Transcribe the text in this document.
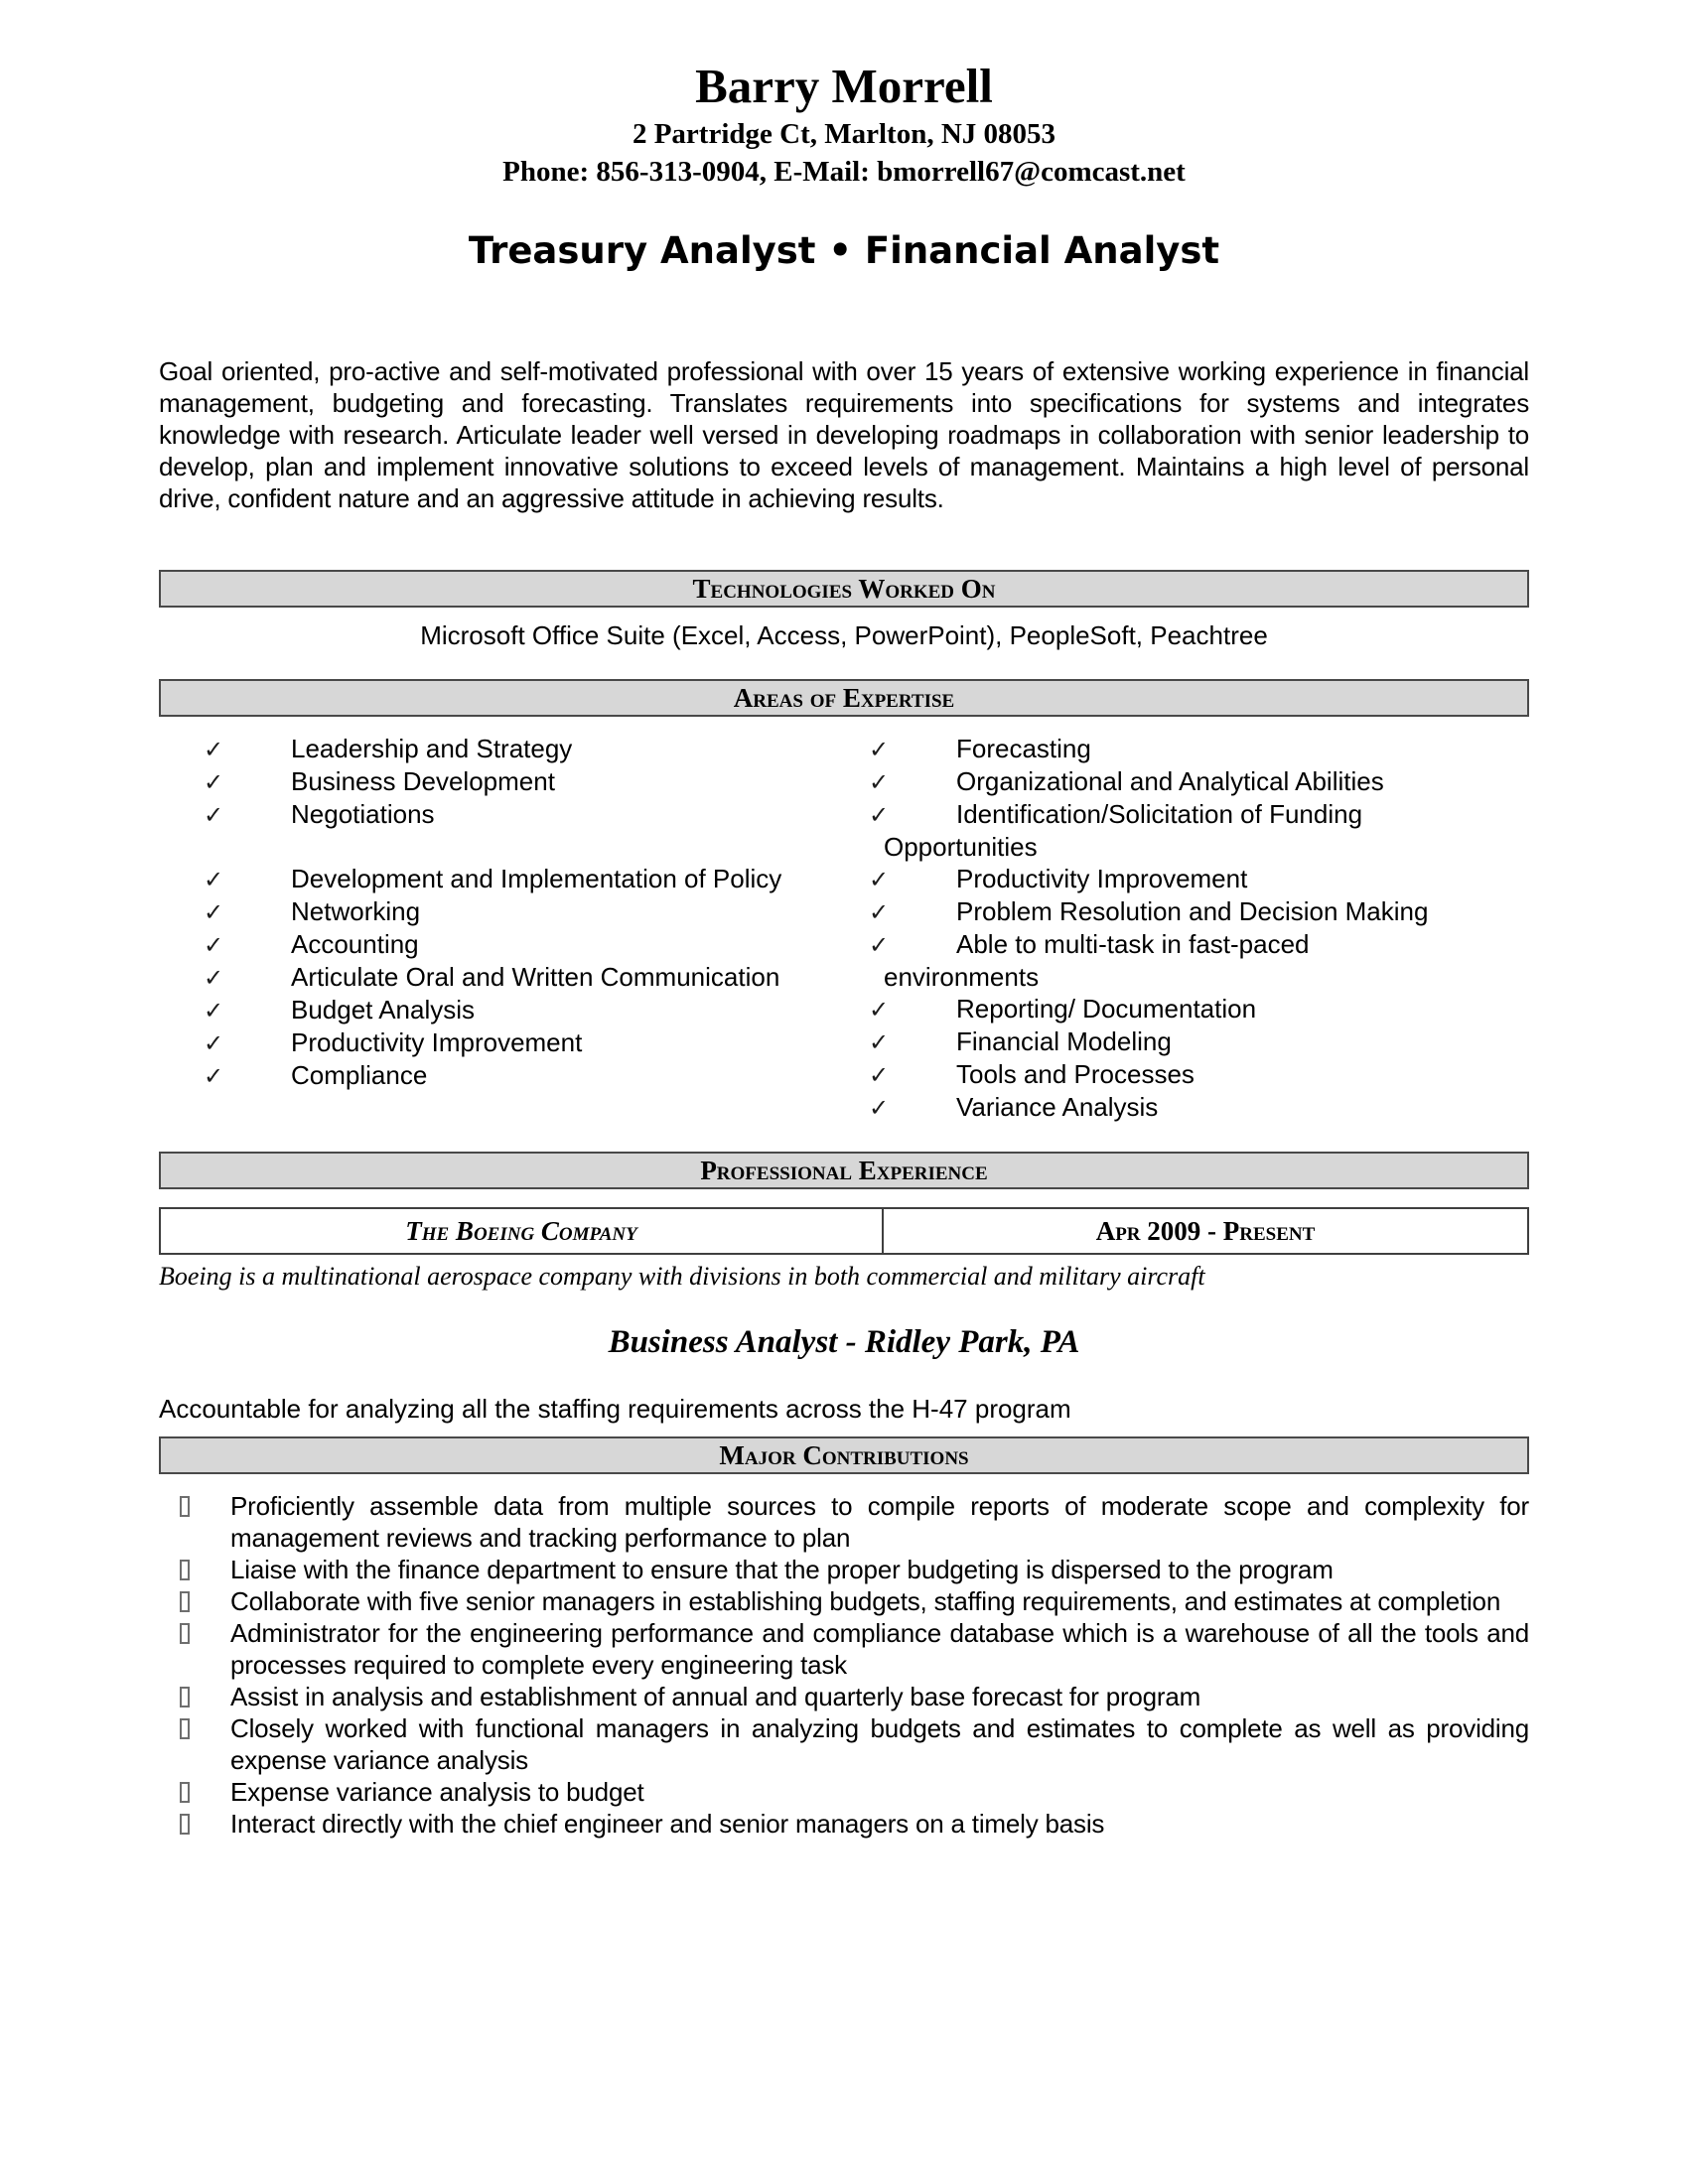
Barry Morrell
2 Partridge Ct, Marlton, NJ 08053
Phone: 856-313-0904, E-Mail: bmorrell67@comcast.net
Treasury Analyst • Financial Analyst
Goal oriented, pro-active and self-motivated professional with over 15 years of extensive working experience in financial management, budgeting and forecasting. Translates requirements into specifications for systems and integrates knowledge with research. Articulate leader well versed in developing roadmaps in collaboration with senior leadership to develop, plan and implement innovative solutions to exceed levels of management. Maintains a high level of personal drive, confident nature and an aggressive attitude in achieving results.
Technologies Worked On
Microsoft Office Suite (Excel, Access, PowerPoint), PeopleSoft, Peachtree
Areas of Expertise
✓	Leadership and Strategy
✓	Business Development
✓	Negotiations
✓	Development and Implementation of Policy
✓	Networking
✓	Accounting
✓	Articulate Oral and Written Communication
✓	Budget Analysis
✓	Productivity Improvement
✓	Compliance
✓	Forecasting
✓	Organizational and Analytical Abilities
✓	Identification/Solicitation of Funding
Opportunities
✓	Productivity Improvement
✓	Problem Resolution and Decision Making
✓	Able to multi-task in fast-paced
environments
✓	Reporting/ Documentation
✓	Financial Modeling
✓	Tools and Processes
✓	Variance Analysis
Professional Experience
The Boeing Company	Apr 2009 - Present
Boeing is a multinational aerospace company with divisions in both commercial and military aircraft
Business Analyst - Ridley Park, PA
Accountable for analyzing all the staffing requirements across the H-47 program
Major Contributions
Proficiently assemble data from multiple sources to compile reports of moderate scope and complexity for management reviews and tracking performance to plan
Liaise with the finance department to ensure that the proper budgeting is dispersed to the program
Collaborate with five senior managers in establishing budgets, staffing requirements, and estimates at completion
Administrator for the engineering performance and compliance database which is a warehouse of all the tools and processes required to complete every engineering task
Assist in analysis and establishment of annual and quarterly base forecast for program
Closely worked with functional managers in analyzing budgets and estimates to complete as well as providing expense variance analysis
Expense variance analysis to budget
Interact directly with the chief engineer and senior managers on a timely basis
